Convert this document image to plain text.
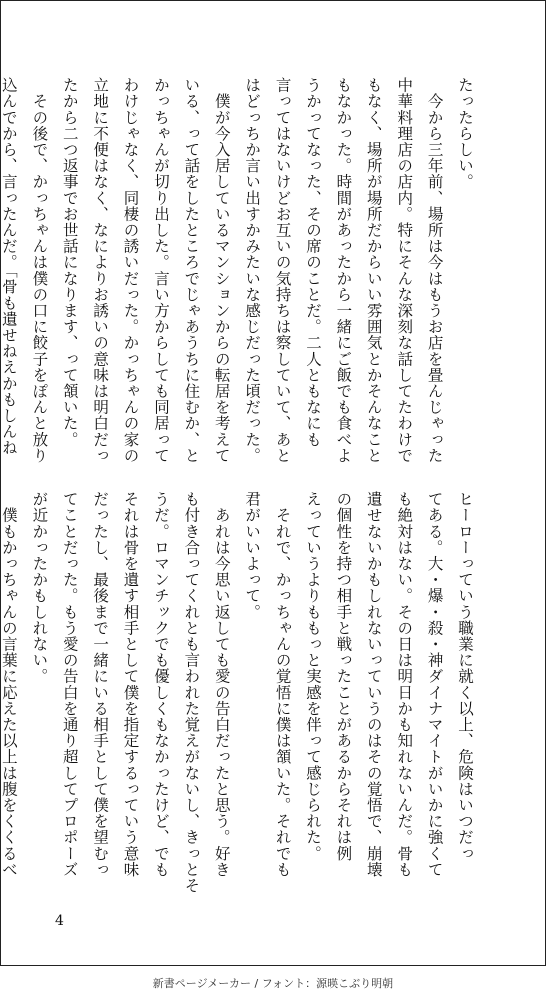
たったらしい。
　今から三年前、場所は今はもうお店を畳んじゃった
中華料理店の店内。特にそんな深刻な話してたわけで
もなく、場所が場所だからいい雰囲気とかそんなこと
もなかった。時間があったから一緒にご飯でも食べよ
うかってなった、その席のことだ。二人ともなにも
言ってはないけどお互いの気持ちは察していて、あと
はどっちか言い出すかみたいな感じだった頃だった。
　僕が今入居しているマンションからの転居を考えて
いる、って話をしたところでじゃあうちに住むか、と
かっちゃんが切り出した。言い方からしても同居って
わけじゃなく、同棲の誘いだった。かっちゃんの家の
立地に不便はなく、なによりお誘いの意味は明白だっ
たから二つ返事でお世話になります、って頷いた。
　その後で、かっちゃんは僕の口に餃子をぽんと放り
込んでから、言ったんだ。「骨も遺せねえかもしんね
ヒーローっていう職業に就く以上、危険はいつだっ
てある。大・爆・殺・神ダイナマイトがいかに強くて
も絶対はない。その日は明日かも知れないんだ。骨も
遺せないかもしれないっていうのはその覚悟で、崩壊
の個性を持つ相手と戦ったことがあるからそれは例
えっていうよりももっと実感を伴って感じられた。
　それで、かっちゃんの覚悟に僕は頷いた。それでも
君がいいよって。
　あれは今思い返しても愛の告白だったと思う。好き
も付き合ってくれとも言われた覚えがないし、きっとそ
うだ。ロマンチックでも優しくもなかったけど、でも
それは骨を遺す相手として僕を指定するっていう意味
だったし、最後まで一緒にいる相手として僕を望むっ
てことだった。もう愛の告白を通り超してプロポーズ
が近かったかもしれない。
　僕もかっちゃんの言葉に応えた以上は腹をくくるべ
4
新書ページメーカー / フォント：源暎こぶり明朝
